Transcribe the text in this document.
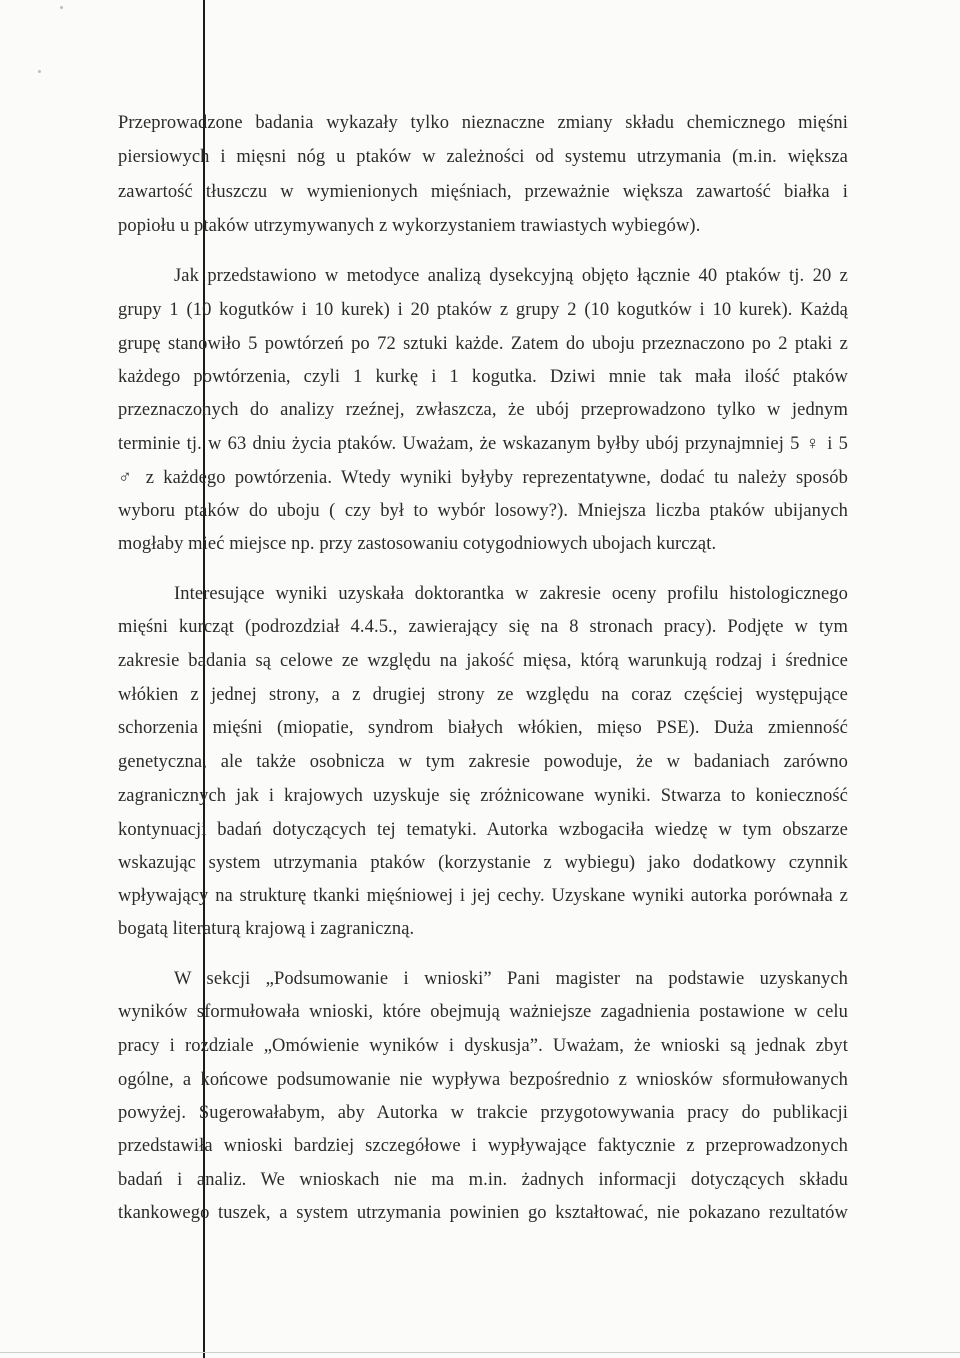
Przeprowadzone badania wykazały tylko nieznaczne zmiany składu chemicznego mięśni
piersiowych i mięsni nóg u ptaków w zależności od systemu utrzymania (m.in. większa
zawartość tłuszczu w wymienionych mięśniach, przeważnie większa zawartość białka i
popiołu u ptaków utrzymywanych z wykorzystaniem trawiastych wybiegów).
Jak przedstawiono w metodyce analizą dysekcyjną objęto łącznie 40 ptaków tj. 20 z
grupy 1 (10 kogutków i 10 kurek) i 20 ptaków z grupy 2 (10 kogutków i 10 kurek). Każdą
grupę stanowiło 5 powtórzeń po 72 sztuki każde. Zatem do uboju przeznaczono po 2 ptaki z
każdego powtórzenia, czyli 1 kurkę i 1 kogutka. Dziwi mnie tak mała ilość ptaków
przeznaczonych do analizy rzeźnej, zwłaszcza, że ubój przeprowadzono tylko w jednym
terminie tj. w 63 dniu życia ptaków. Uważam, że wskazanym byłby ubój przynajmniej 5 ♀ i 5
♂ z każdego powtórzenia. Wtedy wyniki byłyby reprezentatywne, dodać tu należy sposób
wyboru ptaków do uboju ( czy był to wybór losowy?). Mniejsza liczba ptaków ubijanych
mogłaby mieć miejsce np. przy zastosowaniu cotygodniowych ubojach kurcząt.
Interesujące wyniki uzyskała doktorantka w zakresie oceny profilu histologicznego
mięśni kurcząt (podrozdział 4.4.5., zawierający się na 8 stronach pracy). Podjęte w tym
zakresie badania są celowe ze względu na jakość mięsa, którą warunkują rodzaj i średnice
włókien z jednej strony, a z drugiej strony ze względu na coraz częściej występujące
schorzenia mięśni (miopatie, syndrom białych włókien, mięso PSE). Duża zmienność
genetyczna, ale także osobnicza w tym zakresie powoduje, że w badaniach zarówno
zagranicznych jak i krajowych uzyskuje się zróżnicowane wyniki. Stwarza to konieczność
kontynuacji badań dotyczących tej tematyki. Autorka wzbogaciła wiedzę w tym obszarze
wskazując system utrzymania ptaków (korzystanie z wybiegu) jako dodatkowy czynnik
wpływający na strukturę tkanki mięśniowej i jej cechy. Uzyskane wyniki autorka porównała z
bogatą literaturą krajową i zagraniczną.
W sekcji „Podsumowanie i wnioski” Pani magister na podstawie uzyskanych
wyników sformułowała wnioski, które obejmują ważniejsze zagadnienia postawione w celu
pracy i rozdziale „Omówienie wyników i dyskusja”. Uważam, że wnioski są jednak zbyt
ogólne, a końcowe podsumowanie nie wypływa bezpośrednio z wniosków sformułowanych
powyżej. Sugerowałabym, aby Autorka w trakcie przygotowywania pracy do publikacji
przedstawiła wnioski bardziej szczegółowe i wypływające faktycznie z przeprowadzonych
badań i analiz. We wnioskach nie ma m.in. żadnych informacji dotyczących składu
tkankowego tuszek, a system utrzymania powinien go kształtować, nie pokazano rezultatów
